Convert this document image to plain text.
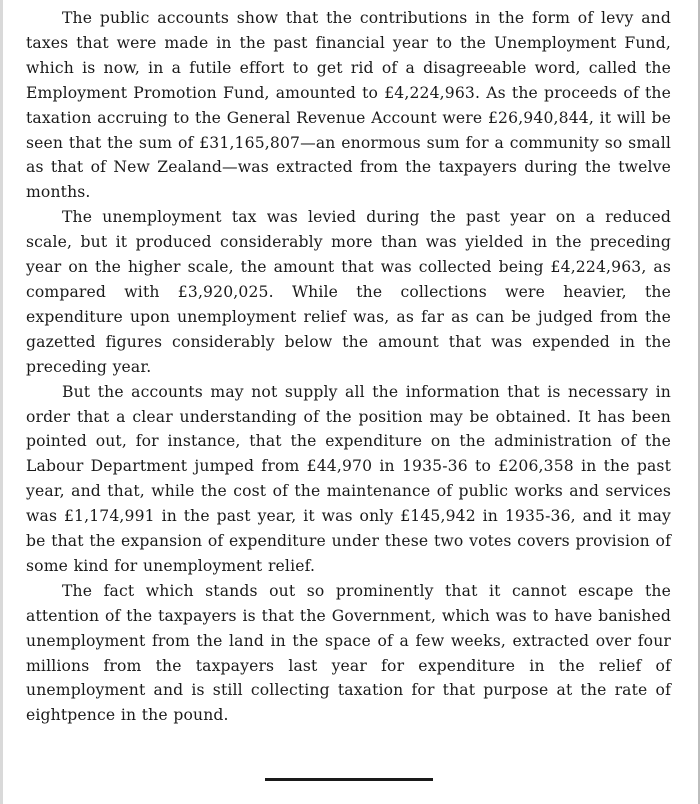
The public accounts show that the contributions in the form of levy and taxes that were made in the past financial year to the Unemployment Fund, which is now, in a futile effort to get rid of a disagreeable word, called the Employment Promotion Fund, amounted to £4,224,963. As the proceeds of the taxation accruing to the General Revenue Account were £26,940,844, it will be seen that the sum of £31,165,807—an enormous sum for a community so small as that of New Zealand—was extracted from the taxpayers during the twelve months.

The unemployment tax was levied during the past year on a reduced scale, but it produced considerably more than was yielded in the preceding year on the higher scale, the amount that was collected being £4,224,963, as compared with £3,920,025. While the collections were heavier, the expenditure upon unemployment relief was, as far as can be judged from the gazetted figures considerably below the amount that was expended in the preceding year.

But the accounts may not supply all the information that is necessary in order that a clear understanding of the position may be obtained. It has been pointed out, for instance, that the expenditure on the administration of the Labour Department jumped from £44,970 in 1935-36 to £206,358 in the past year, and that, while the cost of the maintenance of public works and services was £1,174,991 in the past year, it was only £145,942 in 1935-36, and it may be that the expansion of expenditure under these two votes covers provision of some kind for unemployment relief.

The fact which stands out so prominently that it cannot escape the attention of the taxpayers is that the Government, which was to have banished unemployment from the land in the space of a few weeks, extracted over four millions from the taxpayers last year for expenditure in the relief of unemployment and is still collecting taxation for that purpose at the rate of eightpence in the pound.
